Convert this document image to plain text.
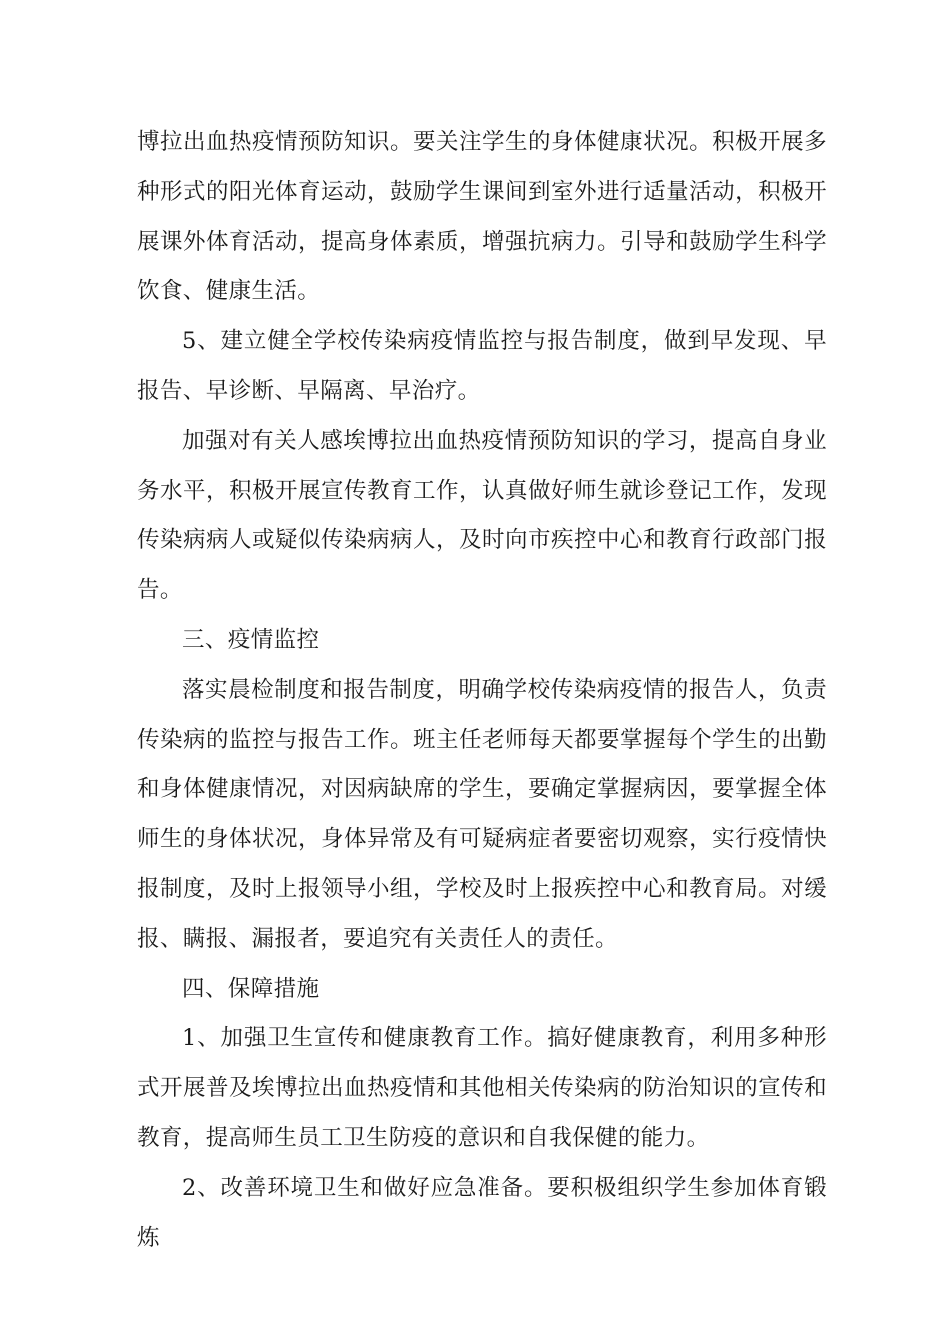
博拉出血热疫情预防知识。要关注学生的身体健康状况。积极开展多种形式的阳光体育运动，鼓励学生课间到室外进行适量活动，积极开展课外体育活动，提高身体素质，增强抗病力。引导和鼓励学生科学饮食、健康生活。

5、建立健全学校传染病疫情监控与报告制度，做到早发现、早报告、早诊断、早隔离、早治疗。

加强对有关人感埃博拉出血热疫情预防知识的学习，提高自身业务水平，积极开展宣传教育工作，认真做好师生就诊登记工作，发现传染病病人或疑似传染病病人，及时向市疾控中心和教育行政部门报告。

三、疫情监控

落实晨检制度和报告制度，明确学校传染病疫情的报告人，负责传染病的监控与报告工作。班主任老师每天都要掌握每个学生的出勤和身体健康情况，对因病缺席的学生，要确定掌握病因，要掌握全体师生的身体状况，身体异常及有可疑病症者要密切观察，实行疫情快报制度，及时上报领导小组，学校及时上报疾控中心和教育局。对缓报、瞒报、漏报者，要追究有关责任人的责任。

四、保障措施

1、加强卫生宣传和健康教育工作。搞好健康教育，利用多种形式开展普及埃博拉出血热疫情和其他相关传染病的防治知识的宣传和教育，提高师生员工卫生防疫的意识和自我保健的能力。

2、改善环境卫生和做好应急准备。要积极组织学生参加体育锻炼
